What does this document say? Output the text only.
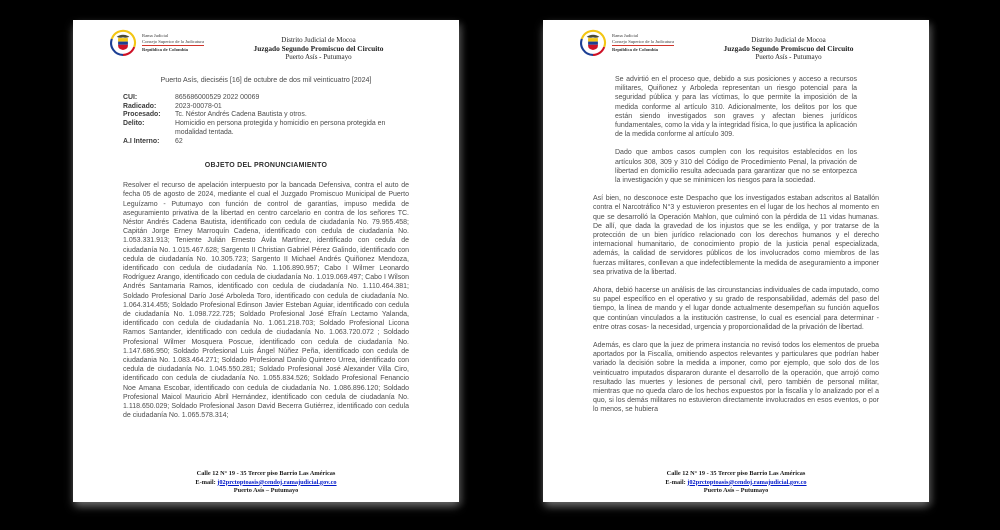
Rama Judicial
Consejo Superior de la Judicatura
República de Colombia
Distrito Judicial de Mocoa
Juzgado Segundo Promiscuo del Circuito
Puerto Asís - Putumayo
Puerto Asís, dieciséis [16] de octubre de dos mil veinticuatro [2024]
CUI:	865686000529 2022 00069
Radicado:	2023-00078-01
Procesado:	Tc. Néstor Andrés Cadena Bautista y otros.
Delito:	Homicidio en persona protegida y homicidio en persona protegida en modalidad tentada.
A.I Interno:	62
OBJETO DEL PRONUNCIAMIENTO

Resolver el recurso de apelación interpuesto por la bancada Defensiva, contra el auto de fecha 05 de agosto de 2024, mediante el cual el Juzgado Promiscuo Municipal de Puerto Leguízamo - Putumayo con función de control de garantías, impuso medida de aseguramiento privativa de la libertad en centro carcelario en contra de los señores TC. Néstor Andrés Cadena Bautista, identificado con cedula de ciudadanía No. 79.955.458; Capitán Jorge Erney Marroquín Cadena, identificado con cedula de ciudadanía No. 1.053.331.913; Teniente Julián Ernesto Ávila Martínez, identificado con cedula de ciudadanía No. 1.015.467.628; Sargento II Christian Gabriel Pérez Galindo, identificado con cedula de ciudadanía No. 10.305.723; Sargento II Michael Andrés Quiñonez Mendoza, identificado con cedula de ciudadanía No. 1.106.890.957; Cabo I Wilmer Leonardo Rodríguez Arango, identificado con cedula de ciudadanía No. 1.019.069.497; Cabo I Wilson Andrés Santamaria Ramos, identificado con cedula de ciudadanía No. 1.110.464.381; Soldado Profesional Darío José Arboleda Toro, identificado con cedula de ciudadanía No. 1.064.314.455; Soldado Profesional Edinson Javier Esteban Aguiar, identificado con cedula de ciudadanía No. 1.098.722.725; Soldado Profesional José Efraín Lectamo Yalanda, identificado con cedula de ciudadanía No. 1.061.218.703; Soldado Profesional Licona Ramos Santander, identificado con cedula de ciudadanía No. 1.063.720.072 ; Soldado Profesional Wilmer Mosquera Poscue, identificado con cedula de ciudadanía No. 1.147.686.950; Soldado Profesional Luis Ángel Núñez Peña, identificado con cedula de ciudadania No. 1.083.464.271; Soldado Profesional Danilo Quintero Urrea, identificado con cedula de ciudadanía No. 1.045.550.281; Soldado Profesional José Alexander Villa Ciro, identificado con cedula de ciudadanía No. 1.055.834.526; Soldado Profesional Fenancio Noe Amana Escobar, identificado con cedula de ciudadanía No. 1.086.896.120; Soldado Profesional Maicol Mauricio Abril Hernández, identificado con cedula de ciudadanía No. 1.118.650.029; Soldado Profesional Jason David Becerra Gutiérrez, identificado con cedula de ciudadanía No. 1.065.578.314;

Calle 12 N° 19 - 35 Tercer piso Barrio Las Américas
E-mail: j02prctoptoasis@cendoj.ramajudicial.gov.co
Puerto Asís – Putumayo
Rama Judicial
Consejo Superior de la Judicatura
República de Colombia
Distrito Judicial de Mocoa
Juzgado Segundo Promiscuo del Circuito
Puerto Asís - Putumayo

Se advirtió en el proceso que, debido a sus posiciones y acceso a recursos militares, Quiñonez y Arboleda representan un riesgo potencial para la seguridad pública y para las víctimas, lo que permite la imposición de la medida conforme al artículo 310. Adicionalmente, los delitos por los que están siendo investigados son graves y afectan bienes jurídicos fundamentales, como la vida y la integridad física, lo que justifica la aplicación de la medida conforme al artículo 309.

Dado que ambos casos cumplen con los requisitos establecidos en los artículos 308, 309 y 310 del Código de Procedimiento Penal, la privación de libertad en domicilio resulta adecuada para garantizar que no se entorpezca la investigación y que se minimicen los riesgos para la sociedad.

Así bien, no desconoce este Despacho que los investigados estaban adscritos al Batallón contra el Narcotráfico N°3 y estuvieron presentes en el lugar de los hechos al momento en que se desarrolló la Operación Mahlon, que culminó con la pérdida de 11 vidas humanas. De allí, que dada la gravedad de los injustos que se les endilga, y por tratarse de la protección de un bien jurídico relacionado con los derechos humanos y el derecho internacional humanitario, de conocimiento propio de la justicia penal especializada, además, la calidad de servidores públicos de los involucrados como miembros de las fuerzas militares, conllevan a que indefectiblemente la medida de aseguramiento a imponer sea privativa de la libertad.

Ahora, debió hacerse un análisis de las circunstancias individuales de cada imputado, como su papel específico en el operativo y su grado de responsabilidad, además del paso del tiempo, la línea de mando y el lugar donde actualmente desempeñan su función aquellos que continúan vinculados a la institución castrense, lo cual es esencial para determinar - entre otras cosas- la necesidad, urgencia y proporcionalidad de la privación de libertad.

Además, es claro que la juez de primera instancia no revisó todos los elementos de prueba aportados por la Fiscalía, omitiendo aspectos relevantes y particulares que podrían haber variado la decisión sobre la medida a imponer, como por ejemplo, que solo dos de los veinticuatro imputados dispararon durante el desarrollo de la operación, que arrojó como resultado las muertes y lesiones de personal civil, pero también de personal militar, mientras que no queda claro de los hechos expuestos por la fiscalía y lo analizado por el a quo, si los demás militares no estuvieron directamente involucrados en esos eventos, o por lo menos, se hubiera

Calle 12 N° 19 - 35 Tercer piso Barrio Las Américas
E-mail: j02prctoptoasis@cendoj.ramajudicial.gov.co
Puerto Asís – Putumayo
